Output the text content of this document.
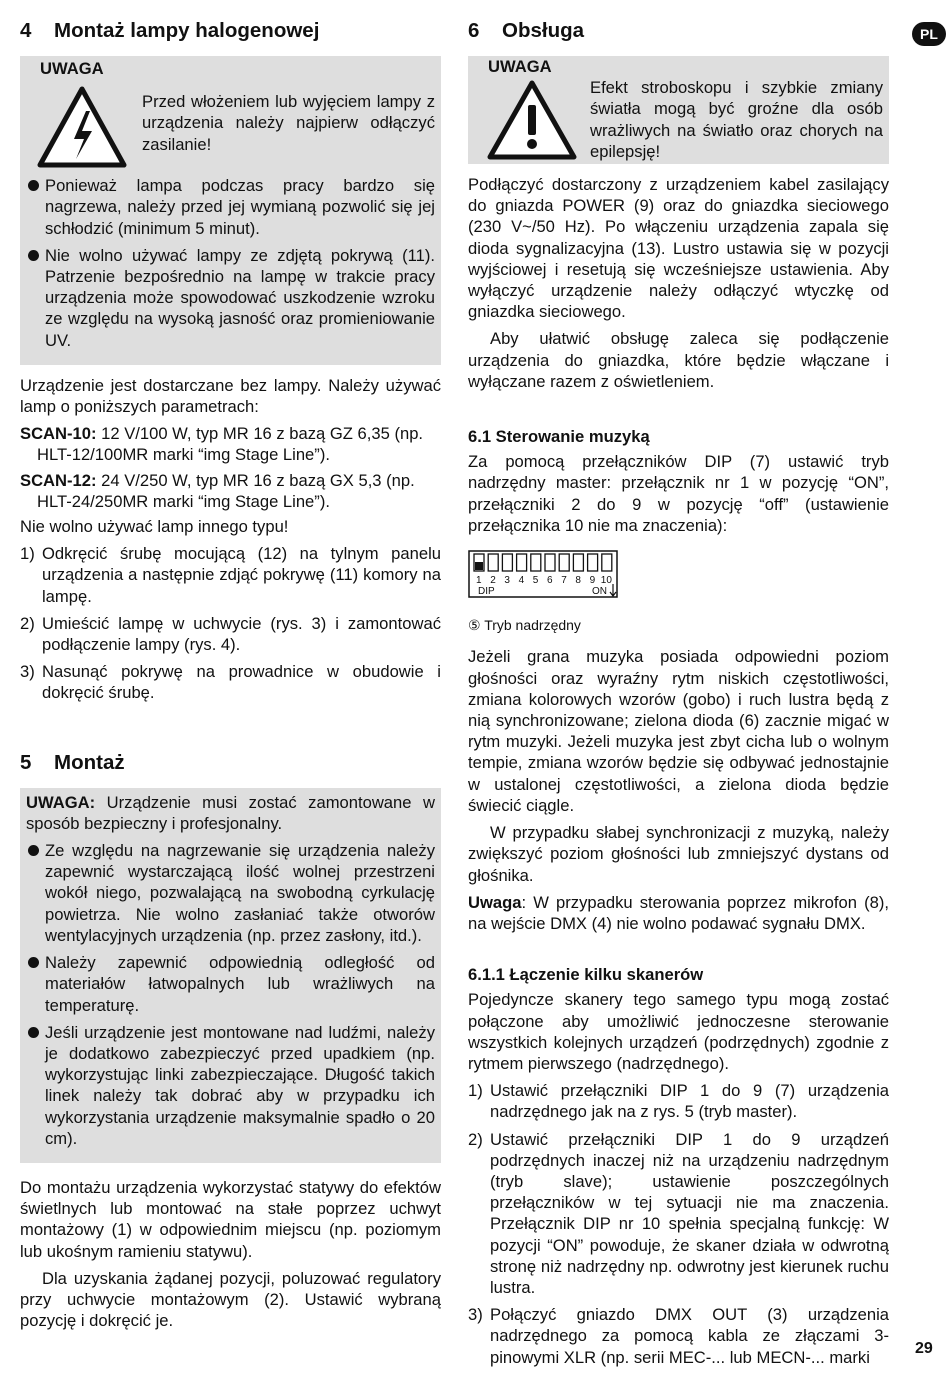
PL
4 Montaż lampy halogenowej
UWAGA
Przed włożeniem lub wyjęciem lampy z urządzenia należy najpierw odłączyć zasilanie!
Ponieważ lampa podczas pracy bardzo się nagrzewa, należy przed jej wymianą pozwolić się jej schłodzić (minimum 5 minut).
Nie wolno używać lampy ze zdjętą pokrywą (11). Patrzenie bezpośrednio na lampę w trakcie pracy urządzenia może spowodować uszkodzenie wzroku ze względu na wysoką jasność oraz promieniowanie UV.

Urządzenie jest dostarczane bez lampy. Należy używać lamp o poniższych parametrach:

SCAN-10: 12 V/100 W, typ MR 16 z bazą GZ 6,35 (np. HLT-12/100MR marki “img Stage Line”).

SCAN-12: 24 V/250 W, typ MR 16 z bazą GX 5,3 (np. HLT-24/250MR marki “img Stage Line”).

Nie wolno używać lamp innego typu!

1) Odkręcić śrubę mocującą (12) na tylnym panelu urządzenia a następnie zdjąć pokrywę (11) komory na lampę.
2) Umieścić lampę w uchwycie (rys. 3) i zamontować podłączenie lampy (rys. 4).
3) Nasunąć pokrywę na prowadnice w obudowie i dokręcić śrubę.
5 Montaż

UWAGA: Urządzenie musi zostać zamontowane w sposób bezpieczny i profesjonalny.

Ze względu na nagrzewanie się urządzenia należy zapewnić wystarczającą ilość wolnej przestrzeni wokół niego, pozwalającą na swobodną cyrkulację powietrza. Nie wolno zasłaniać także otworów wentylacyjnych urządzenia (np. przez zasłony, itd.).
Należy zapewnić odpowiednią odległość od materiałów łatwopalnych lub wrażliwych na temperaturę.
Jeśli urządzenie jest montowane nad ludźmi, należy je dodatkowo zabezpieczyć przed upadkiem (np. wykorzystując linki zabezpieczające. Długość takich linek należy tak dobrać aby w przypadku ich wykorzystania urządzenie maksymalnie spadło o 20 cm).

Do montażu urządzenia wykorzystać statywy do efektów świetlnych lub montować na stałe poprzez uchwyt montażowy (1) w odpowiednim miejscu (np. poziomym lub ukośnym ramieniu statywu).

Dla uzyskania żądanej pozycji, poluzować regulatory przy uchwycie montażowym (2). Ustawić wybraną pozycję i dokręcić je.

6 Obsługa
UWAGA
Efekt stroboskopu i szybkie zmiany światła mogą być groźne dla osób wrażliwych na światło oraz chorych na epilepsję!

Podłączyć dostarczony z urządzeniem kabel zasilający do gniazda POWER (9) oraz do gniazdka sieciowego (230 V~/50 Hz). Po włączeniu urządzenia zapala się dioda sygnalizacyjna (13). Lustro ustawia się w pozycji wyjściowej i resetują się wcześniejsze ustawienia. Aby wyłączyć urządzenie należy odłączyć wtyczkę od gniazdka sieciowego.

Aby ułatwić obsługę zaleca się podłączenie urządzenia do gniazdka, które będzie włączane i wyłączane razem z oświetleniem.

6.1 Sterowanie muzyką

Za pomocą przełączników DIP (7) ustawić tryb nadrzędny master: przełącznik nr 1 w pozycję “ON”, przełączniki 2 do 9 w pozycję “off” (ustawienie przełącznika 10 nie ma znaczenia):

1 2 3 4 5 6 7 8 9 10
DIP	ON
⑤ Tryb nadrzędny

Jeżeli grana muzyka posiada odpowiedni poziom głośności oraz wyraźny rytm niskich częstotliwości, zmiana kolorowych wzorów (gobo) i ruch lustra będą z nią synchronizowane; zielona dioda (6) zacznie migać w rytm muzyki. Jeżeli muzyka jest zbyt cicha lub o wolnym tempie, zmiana wzorów będzie się odbywać jednostajnie w ustalonej częstotliwości, a zielona dioda będzie świecić ciągle.

W przypadku słabej synchronizacji z muzyką, należy zwiększyć poziom głośności lub zmniejszyć dystans od głośnika.

Uwaga: W przypadku sterowania poprzez mikrofon (8), na wejście DMX (4) nie wolno podawać sygnału DMX.

6.1.1 Łączenie kilku skanerów

Pojedyncze skanery tego samego typu mogą zostać połączone aby umożliwić jednoczesne sterowanie wszystkich kolejnych urządzeń (podrzędnych) zgodnie z rytmem pierwszego (nadrzędnego).

1) Ustawić przełączniki DIP 1 do 9 (7) urządzenia nadrzędnego jak na z rys. 5 (tryb master).
2) Ustawić przełączniki DIP 1 do 9 urządzeń podrzędnych inaczej niż na urządzeniu nadrzędnym (tryb slave); ustawienie poszczególnych przełączników w tej sytuacji nie ma znaczenia. Przełącznik DIP nr 10 spełnia specjalną funkcję: W pozycji “ON” powoduje, że skaner działa w odwrotną stronę niż nadrzędny np. odwrotny jest kierunek ruchu lustra.
3) Połączyć gniazdo DMX OUT (3) urządzenia nadrzędnego za pomocą kabla ze złączami 3-pinowymi XLR (np. serii MEC-... lub MECN-... marki	29
